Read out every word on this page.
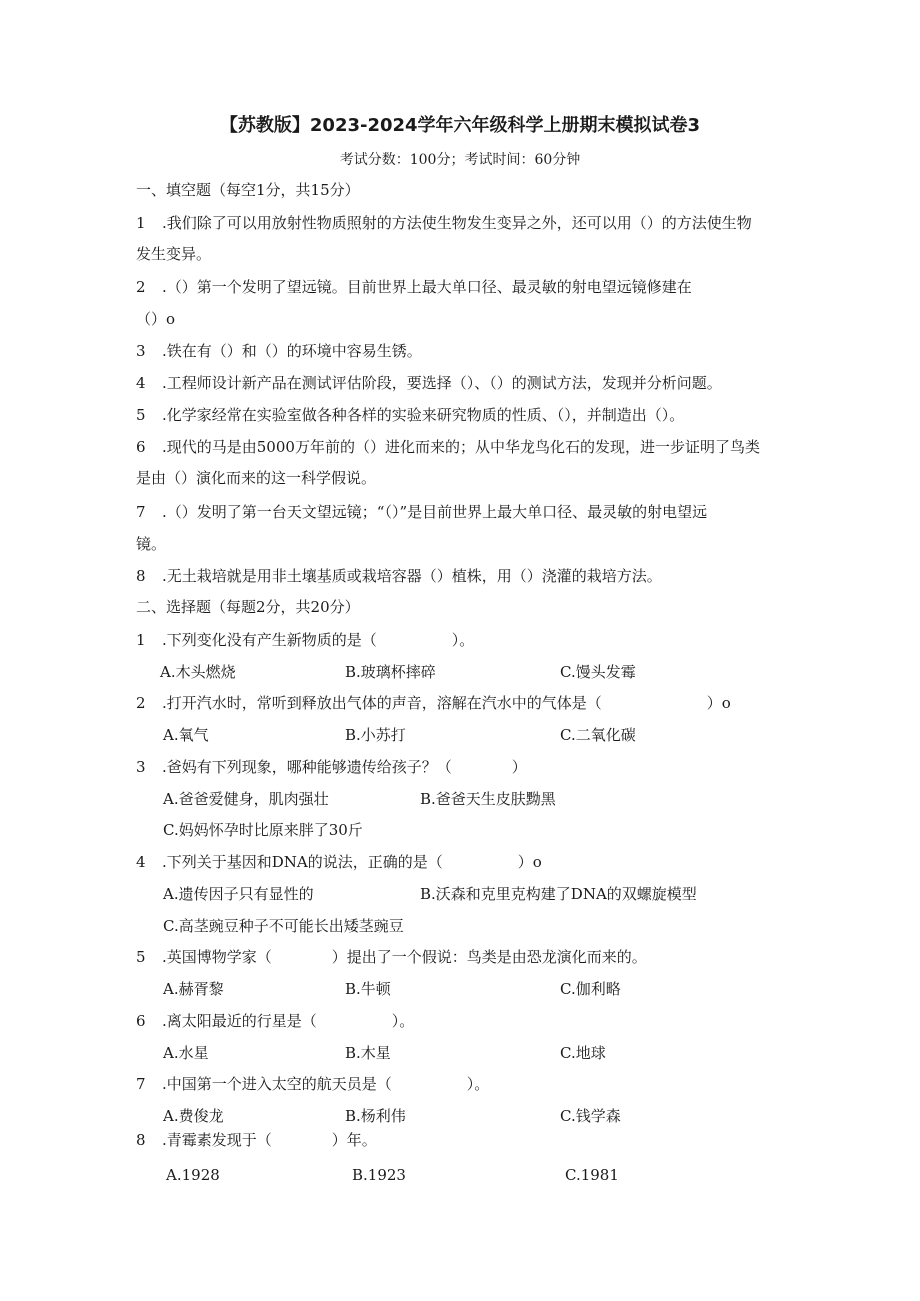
【苏教版】2023-2024学年六年级科学上册期末模拟试卷3
考试分数：100分；考试时间：60分钟
一、填空题（每空1分，共15分）
1 .我们除了可以用放射性物质照射的方法使生物发生变异之外，还可以用（）的方法使生物
发生变异。
2 .（）第一个发明了望远镜。目前世界上最大单口径、最灵敏的射电望远镜修建在
（）o
3 .铁在有（）和（）的环境中容易生锈。
4 .工程师设计新产品在测试评估阶段，要选择（）、（）的测试方法，发现并分析问题。
5 .化学家经常在实验室做各种各样的实验来研究物质的性质、（），并制造出（）。
6 .现代的马是由5000万年前的（）进化而来的；从中华龙鸟化石的发现，进一步证明了鸟类
是由（）演化而来的这一科学假说。
7 .（）发明了第一台天文望远镜；“（）”是目前世界上最大单口径、最灵敏的射电望远
镜。
8 .无土栽培就是用非土壤基质或栽培容器（）植株，用（）浇灌的栽培方法。
二、选择题（每题2分，共20分）
1 .下列变化没有产生新物质的是（　　　　　）。
A.木头燃烧	B.玻璃杯摔碎	C.馒头发霉
2 .打开汽水时，常听到释放出气体的声音，溶解在汽水中的气体是（　　　　　　　）o
A.氧气	B.小苏打	C.二氧化碳
3 .爸妈有下列现象，哪种能够遗传给孩子？（　　　　）
A.爸爸爱健身，肌肉强壮	B.爸爸天生皮肤黝黑
C.妈妈怀孕时比原来胖了30斤
4 .下列关于基因和DNA的说法，正确的是（　　　　　）o
A.遗传因子只有显性的	B.沃森和克里克构建了DNA的双螺旋模型
C.高茎豌豆种子不可能长出矮茎豌豆
5 .英国博物学家（　　　　）提出了一个假说：鸟类是由恐龙演化而来的。
A.赫胥黎	B.牛顿	C.伽利略
6 .离太阳最近的行星是（　　　　　）。
A.水星	B.木星	C.地球
7 .中国第一个进入太空的航天员是（　　　　　）。
A.费俊龙	B.杨利伟	C.钱学森
8 .青霉素发现于（　　　　）年。
A.1928	B.1923	C.1981
